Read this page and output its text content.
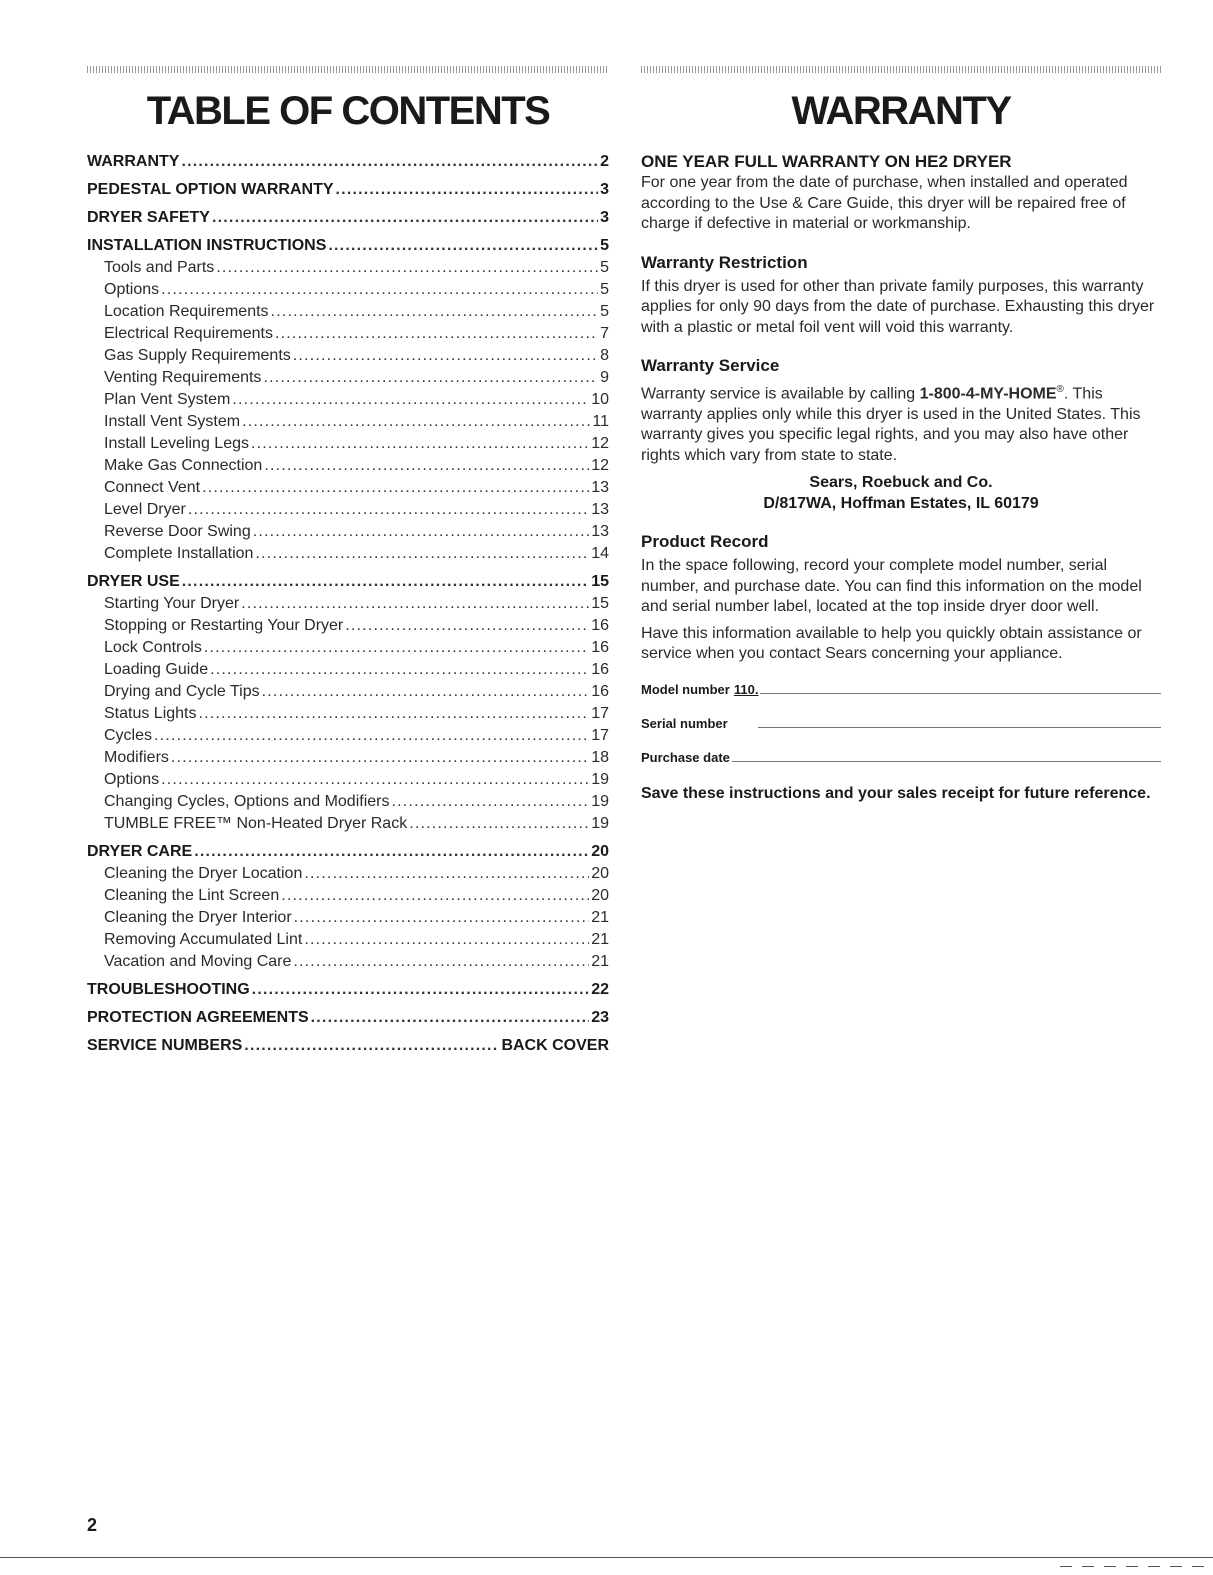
TABLE OF CONTENTS
WARRANTY .....	2
PEDESTAL OPTION WARRANTY .....	3
DRYER SAFETY .....	3
INSTALLATION INSTRUCTIONS .....	5
Tools and Parts .....	5
Options .....	5
Location Requirements .....	5
Electrical Requirements .....	7
Gas Supply Requirements .....	8
Venting Requirements .....	9
Plan Vent System .....	10
Install Vent System .....	11
Install Leveling Legs .....	12
Make Gas Connection .....	12
Connect Vent .....	13
Level Dryer .....	13
Reverse Door Swing .....	13
Complete Installation .....	14
DRYER USE .....	15
Starting Your Dryer .....	15
Stopping or Restarting Your Dryer .....	16
Lock Controls .....	16
Loading Guide .....	16
Drying and Cycle Tips .....	16
Status Lights .....	17
Cycles .....	17
Modifiers .....	18
Options .....	19
Changing Cycles, Options and Modifiers .....	19
TUMBLE FREE™ Non-Heated Dryer Rack .....	19
DRYER CARE .....	20
Cleaning the Dryer Location .....	20
Cleaning the Lint Screen .....	20
Cleaning the Dryer Interior .....	21
Removing Accumulated Lint .....	21
Vacation and Moving Care .....	21
TROUBLESHOOTING .....	22
PROTECTION AGREEMENTS .....	23
SERVICE NUMBERS .....	BACK COVER
WARRANTY

ONE YEAR FULL WARRANTY ON HE2 DRYER

For one year from the date of purchase, when installed and operated according to the Use & Care Guide, this dryer will be repaired free of charge if defective in material or workmanship.

Warranty Restriction

If this dryer is used for other than private family purposes, this warranty applies for only 90 days from the date of purchase. Exhausting this dryer with a plastic or metal foil vent will void this warranty.

Warranty Service

Warranty service is available by calling 1-800-4-MY-HOME®. This warranty applies only while this dryer is used in the United States. This warranty gives you specific legal rights, and you may also have other rights which vary from state to state.

Sears, Roebuck and Co.

D/817WA, Hoffman Estates, IL 60179

Product Record

In the space following, record your complete model number, serial number, and purchase date. You can find this information on the model and serial number label, located at the top inside dryer door well.

Have this information available to help you quickly obtain assistance or service when you contact Sears concerning your appliance.

Model number 110.
Serial number
Purchase date

Save these instructions and your sales receipt for future reference.

2
